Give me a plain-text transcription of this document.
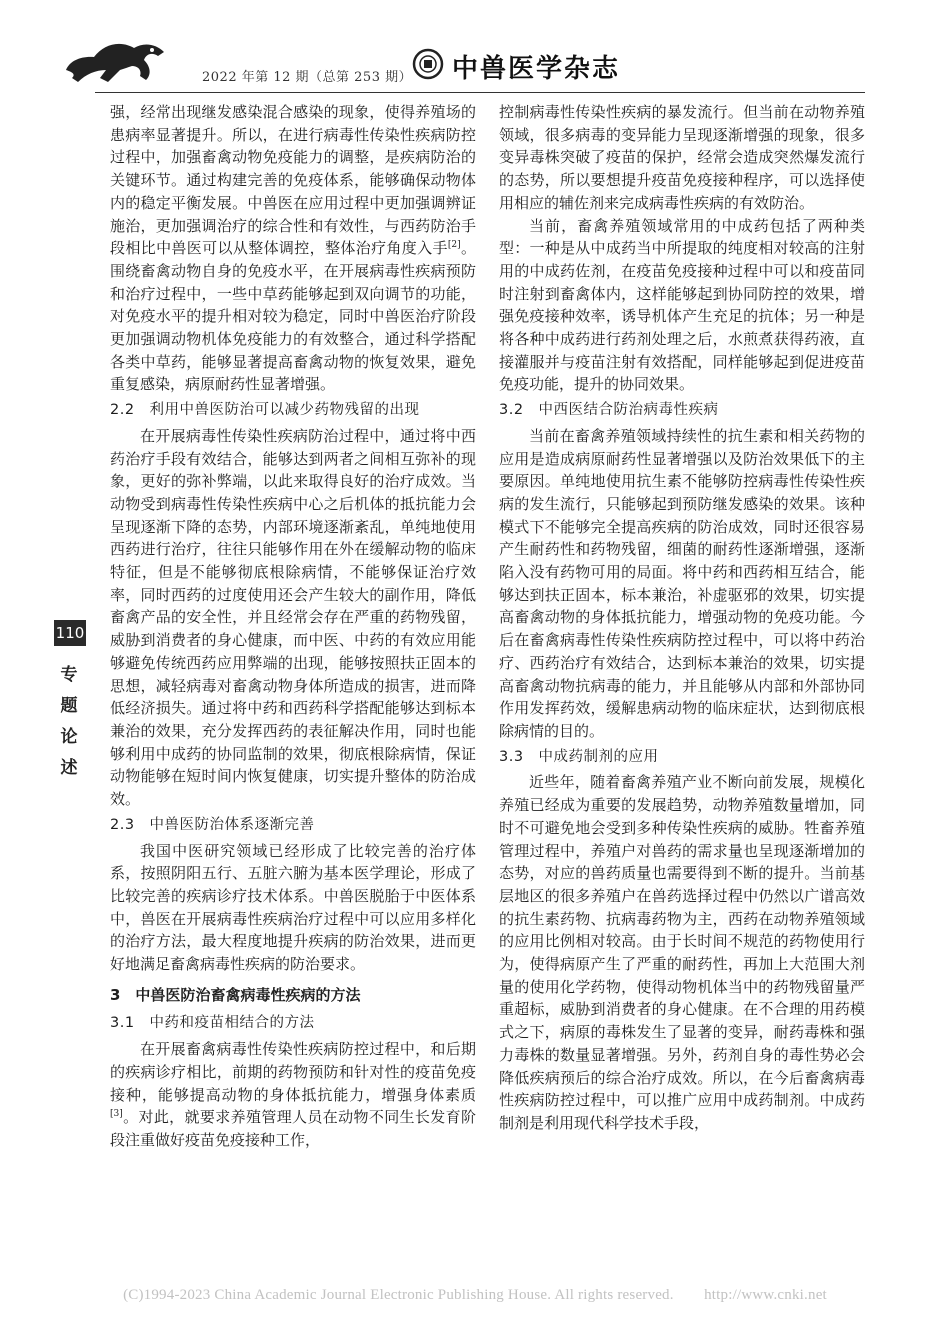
2022 年第 12 期（总第 253 期） 中兽医学杂志
110
专题论述

强，经常出现继发感染混合感染的现象，使得养殖场的患病率显著提升。所以，在进行病毒性传染性疾病防控过程中，加强畜禽动物免疫能力的调整，是疾病防治的关键环节。通过构建完善的免疫体系，能够确保动物体内的稳定平衡发展。中兽医在应用过程中更加强调辨证施治，更加强调治疗的综合性和有效性，与西药防治手段相比中兽医可以从整体调控，整体治疗角度入手[2]。围绕畜禽动物自身的免疫水平，在开展病毒性疾病预防和治疗过程中，一些中草药能够起到双向调节的功能，对免疫水平的提升相对较为稳定，同时中兽医治疗阶段更加强调动物机体免疫能力的有效整合，通过科学搭配各类中草药，能够显著提高畜禽动物的恢复效果，避免重复感染，病原耐药性显著增强。

2.2　利用中兽医防治可以减少药物残留的出现

在开展病毒性传染性疾病防治过程中，通过将中西药治疗手段有效结合，能够达到两者之间相互弥补的现象，更好的弥补弊端，以此来取得良好的治疗成效。当动物受到病毒性传染性疾病中心之后机体的抵抗能力会呈现逐渐下降的态势，内部环境逐渐紊乱，单纯地使用西药进行治疗，往往只能够作用在外在缓解动物的临床特征，但是不能够彻底根除病情，不能够保证治疗效率，同时西药的过度使用还会产生较大的副作用，降低畜禽产品的安全性，并且经常会存在严重的药物残留，威胁到消费者的身心健康，而中医、中药的有效应用能够避免传统西药应用弊端的出现，能够按照扶正固本的思想，减轻病毒对畜禽动物身体所造成的损害，进而降低经济损失。通过将中药和西药科学搭配能够达到标本兼治的效果，充分发挥西药的表征解决作用，同时也能够利用中成药的协同监制的效果，彻底根除病情，保证动物能够在短时间内恢复健康，切实提升整体的防治成效。

2.3　中兽医防治体系逐渐完善

我国中医研究领域已经形成了比较完善的治疗体系，按照阴阳五行、五脏六腑为基本医学理论，形成了比较完善的疾病诊疗技术体系。中兽医脱胎于中医体系中，兽医在开展病毒性疾病治疗过程中可以应用多样化的治疗方法，最大程度地提升疾病的防治效果，进而更好地满足畜禽病毒性疾病的防治要求。

3　中兽医防治畜禽病毒性疾病的方法
3.1　中药和疫苗相结合的方法

在开展畜禽病毒性传染性疾病防控过程中，和后期的疾病诊疗相比，前期的药物预防和针对性的疫苗免疫接种，能够提高动物的身体抵抗能力，增强身体素质[3]。对此，就要求养殖管理人员在动物不同生长发育阶段注重做好疫苗免疫接种工作，

控制病毒性传染性疾病的暴发流行。但当前在动物养殖领域，很多病毒的变异能力呈现逐渐增强的现象，很多变异毒株突破了疫苗的保护，经常会造成突然爆发流行的态势，所以要想提升疫苗免疫接种程序，可以选择使用相应的辅佐剂来完成病毒性疾病的有效防治。

当前，畜禽养殖领域常用的中成药包括了两种类型：一种是从中成药当中所提取的纯度相对较高的注射用的中成药佐剂，在疫苗免疫接种过程中可以和疫苗同时注射到畜禽体内，这样能够起到协同防控的效果，增强免疫接种效率，诱导机体产生充足的抗体；另一种是将各种中成药进行药剂处理之后，水煎煮获得药液，直接灌服并与疫苗注射有效搭配，同样能够起到促进疫苗免疫功能，提升的协同效果。

3.2　中西医结合防治病毒性疾病

当前在畜禽养殖领域持续性的抗生素和相关药物的应用是造成病原耐药性显著增强以及防治效果低下的主要原因。单纯地使用抗生素不能够防控病毒性传染性疾病的发生流行，只能够起到预防继发感染的效果。该种模式下不能够完全提高疾病的防治成效，同时还很容易产生耐药性和药物残留，细菌的耐药性逐渐增强，逐渐陷入没有药物可用的局面。将中药和西药相互结合，能够达到扶正固本，标本兼治，补虚驱邪的效果，切实提高畜禽动物的身体抵抗能力，增强动物的免疫功能。今后在畜禽病毒性传染性疾病防控过程中，可以将中药治疗、西药治疗有效结合，达到标本兼治的效果，切实提高畜禽动物抗病毒的能力，并且能够从内部和外部协同作用发挥药效，缓解患病动物的临床症状，达到彻底根除病情的目的。

3.3　中成药制剂的应用

近些年，随着畜禽养殖产业不断向前发展，规模化养殖已经成为重要的发展趋势，动物养殖数量增加，同时不可避免地会受到多种传染性疾病的威胁。牲畜养殖管理过程中，养殖户对兽药的需求量也呈现逐渐增加的态势，对应的兽药质量也需要得到不断的提升。当前基层地区的很多养殖户在兽药选择过程中仍然以广谱高效的抗生素药物、抗病毒药物为主，西药在动物养殖领域的应用比例相对较高。由于长时间不规范的药物使用行为，使得病原产生了严重的耐药性，再加上大范围大剂量的使用化学药物，使得动物机体当中的药物残留量严重超标，威胁到消费者的身心健康。在不合理的用药模式之下，病原的毒株发生了显著的变异，耐药毒株和强力毒株的数量显著增强。另外，药剂自身的毒性势必会降低疾病预后的综合治疗成效。所以，在今后畜禽病毒性疾病防控过程中，可以推广应用中成药制剂。中成药制剂是利用现代科学技术手段，

(C)1994-2023 China Academic Journal Electronic Publishing House. All rights reserved.　　http://www.cnki.net
